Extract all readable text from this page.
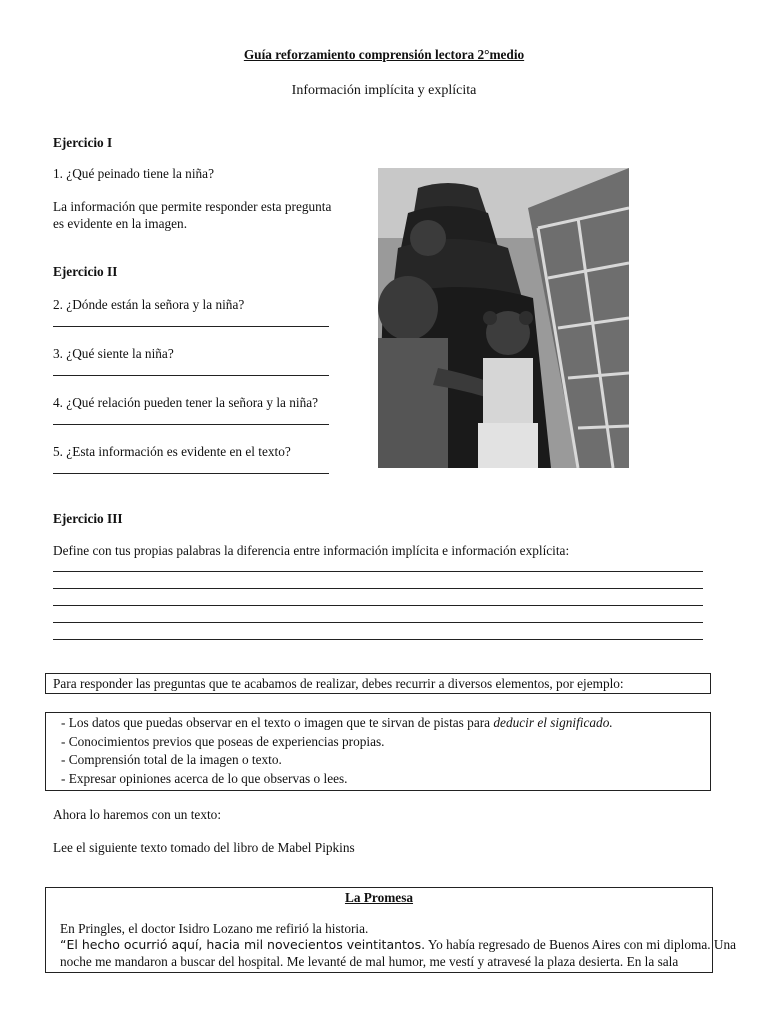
Guía reforzamiento comprensión lectora 2°medio
Información implícita y explícita
Ejercicio I
1. ¿Qué peinado tiene la niña?
La información que permite responder esta pregunta
es evidente en la imagen.
Ejercicio II
2. ¿Dónde están la señora y la niña?
3. ¿Qué siente la niña?
4. ¿Qué relación pueden tener la señora y la niña?
5. ¿Esta información es evidente en el texto?
Ejercicio III
Define con tus propias palabras la diferencia entre información implícita e información explícita:
Para responder las preguntas que te acabamos de realizar, debes recurrir a diversos elementos, por ejemplo:
- Los datos que puedas observar en el texto o imagen que te sirvan de pistas para deducir el significado.
- Conocimientos previos que poseas de experiencias propias.
- Comprensión total de la imagen o texto.
- Expresar opiniones acerca de lo que observas o lees.
Ahora lo haremos con un texto:
Lee el siguiente texto tomado del libro de Mabel Pipkins
La Promesa
En Pringles, el doctor Isidro Lozano me refirió la historia.
“El hecho ocurrió aquí, hacia mil novecientos veintitantos. Yo había regresado de Buenos Aires con mi diploma. Una
noche me mandaron a buscar del hospital. Me levanté de mal humor, me vestí y atravesé la plaza desierta. En la sala
